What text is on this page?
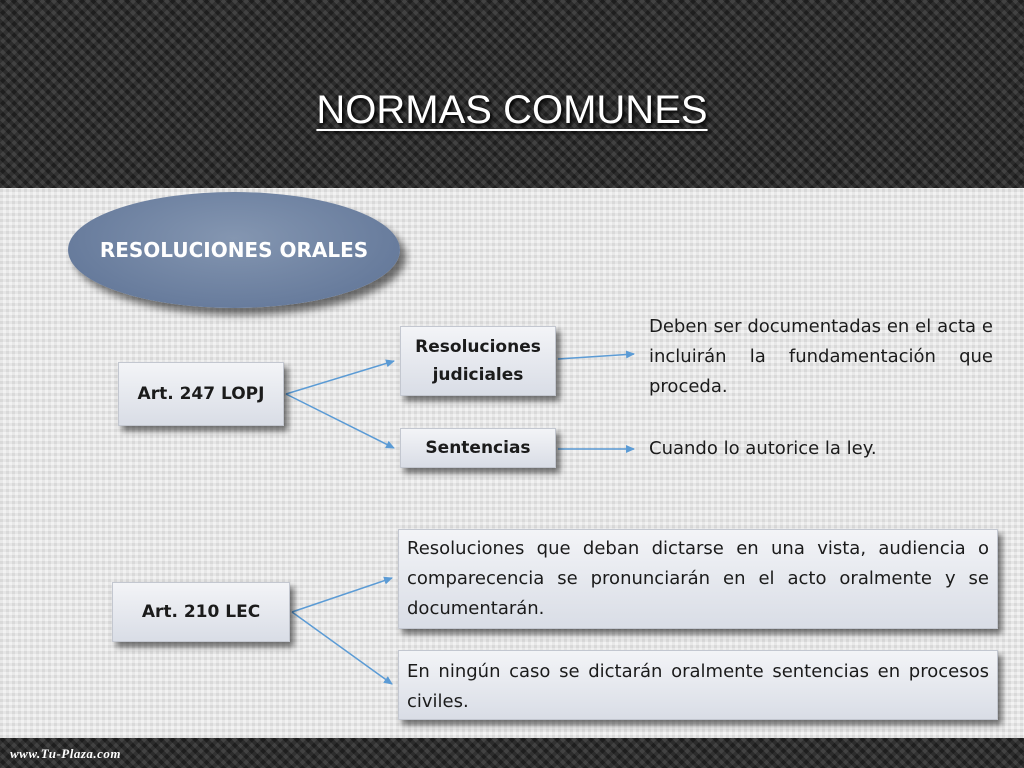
NORMAS COMUNES
RESOLUCIONES ORALES
Art. 247 LOPJ
Resoluciones judiciales
Sentencias
Deben ser documentadas en el acta e incluirán la fundamentación que proceda.
Cuando lo autorice la ley.
Art. 210 LEC
Resoluciones que deban dictarse en una vista, audiencia o comparecencia se pronunciarán en el acto oralmente y se documentarán.
En ningún caso se dictarán oralmente sentencias en procesos civiles.
www.Tu-Plaza.com
